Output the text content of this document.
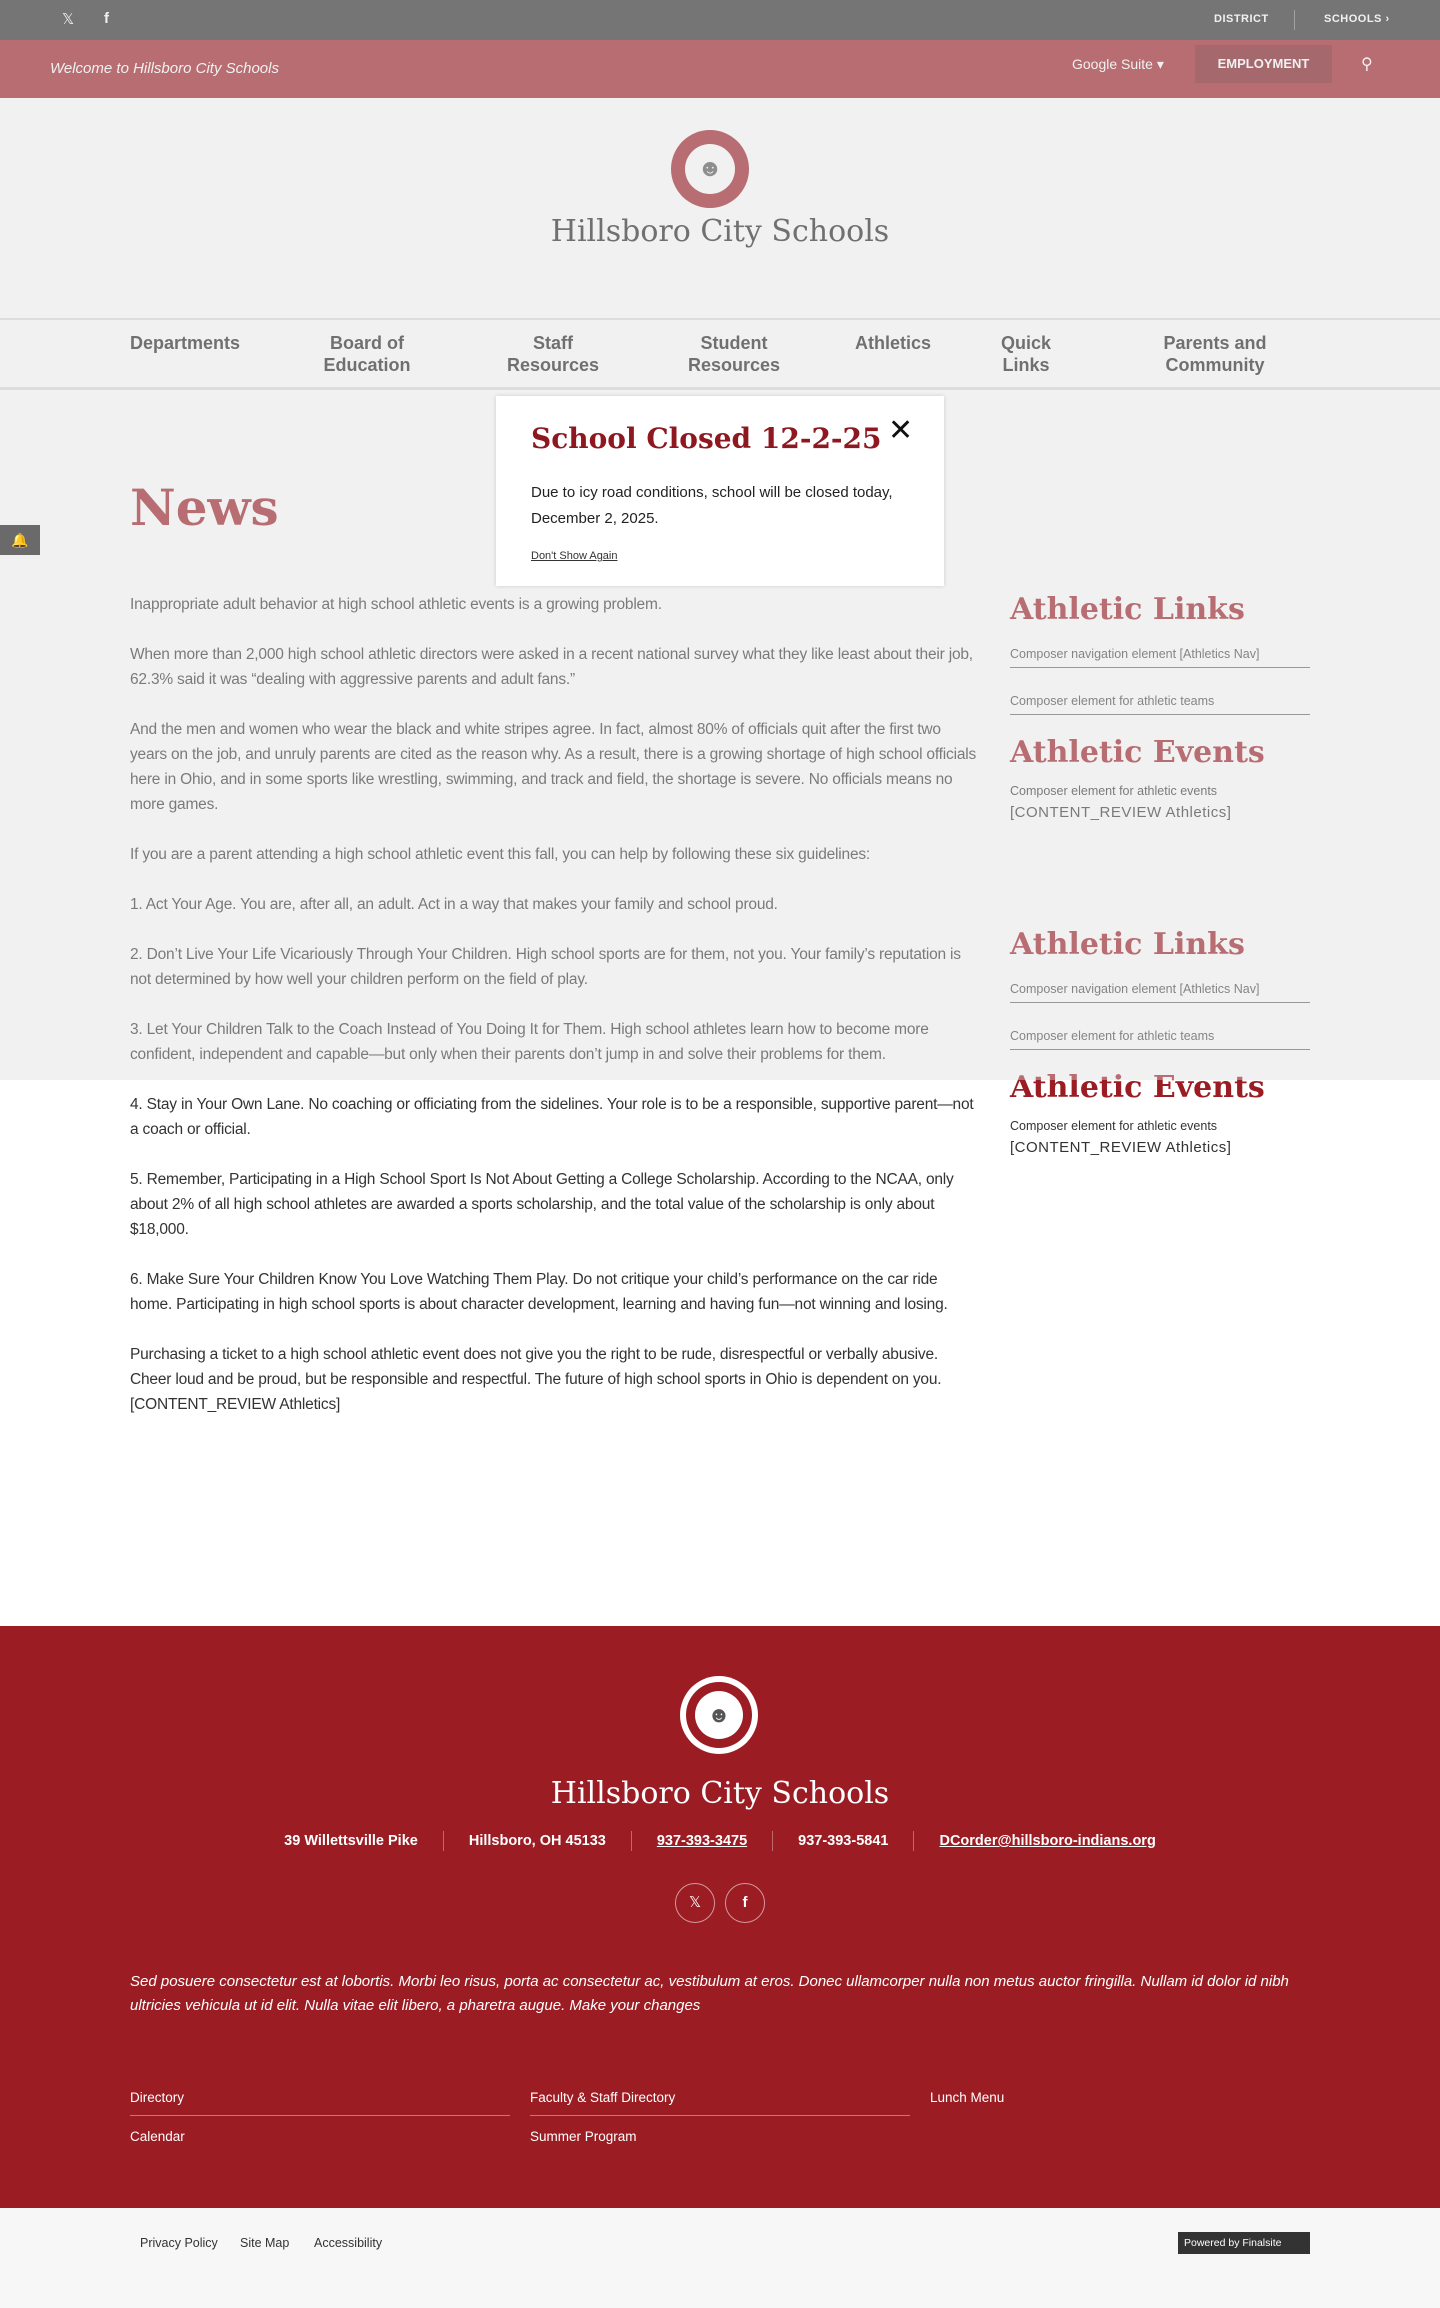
𝕏 f	DISTRICT	SCHOOLS ›
Welcome to Hillsboro City Schools	Google Suite ▾	EMPLOYMENT	⚲
☻
Hillsboro City Schools
Departments	Board of
Education
Staff
Resources
Student
Resources
Athletics	Quick
Links
Parents and
Community
News

Inappropriate adult behavior at high school athletic events is a growing problem.

When more than 2,000 high school athletic directors were asked in a recent national survey what they like least about their job, 62.3% said it was “dealing with aggressive parents and adult fans.”

And the men and women who wear the black and white stripes agree. In fact, almost 80% of officials quit after the first two years on the job, and unruly parents are cited as the reason why. As a result, there is a growing shortage of high school officials here in Ohio, and in some sports like wrestling, swimming, and track and field, the shortage is severe. No officials means no more games.

If you are a parent attending a high school athletic event this fall, you can help by following these six guidelines:

1. Act Your Age. You are, after all, an adult. Act in a way that makes your family and school proud.

2. Don’t Live Your Life Vicariously Through Your Children. High school sports are for them, not you. Your family’s reputation is not determined by how well your children perform on the field of play.

3. Let Your Children Talk to the Coach Instead of You Doing It for Them. High school athletes learn how to become more confident, independent and capable—but only when their parents don’t jump in and solve their problems for them.

4. Stay in Your Own Lane. No coaching or officiating from the sidelines. Your role is to be a responsible, supportive parent—not a coach or official.

5. Remember, Participating in a High School Sport Is Not About Getting a College Scholarship. According to the NCAA, only about 2% of all high school athletes are awarded a sports scholarship, and the total value of the scholarship is only about $18,000.

6. Make Sure Your Children Know You Love Watching Them Play. Do not critique your child’s performance on the car ride home. Participating in high school sports is about character development, learning and having fun—not winning and losing.

Purchasing a ticket to a high school athletic event does not give you the right to be rude, disrespectful or verbally abusive. Cheer loud and be proud, but be responsible and respectful. The future of high school sports in Ohio is dependent on you.

[CONTENT_REVIEW Athletics]
Athletic Links
Composer navigation element [Athletics Nav]
Composer element for athletic teams
Athletic Events
Composer element for athletic events
[CONTENT_REVIEW Athletics]
Athletic Links
Composer navigation element [Athletics Nav]
Composer element for athletic teams
Athletic Events
Composer element for athletic events
[CONTENT_REVIEW Athletics]
🔔
School Closed 12-2-25 ✕
Due to icy road conditions, school will be closed today, December 2, 2025.
Don't Show Again
☻
Hillsboro City Schools
39 Willettsville Pike	Hillsboro, OH 45133	937-393-3475	937-393-5841	DCorder@hillsboro-indians.org
𝕏	f
Sed posuere consectetur est at lobortis. Morbi leo risus, porta ac consectetur ac, vestibulum at eros. Donec ullamcorper nulla non metus auctor fringilla. Nullam id dolor id nibh ultricies vehicula ut id elit. Nulla vitae elit libero, a pharetra augue. Make your changes
Directory	Faculty & Staff Directory	Lunch Menu
Calendar	Summer Program
Privacy Policy Site Map Accessibility	Powered by Finalsite
